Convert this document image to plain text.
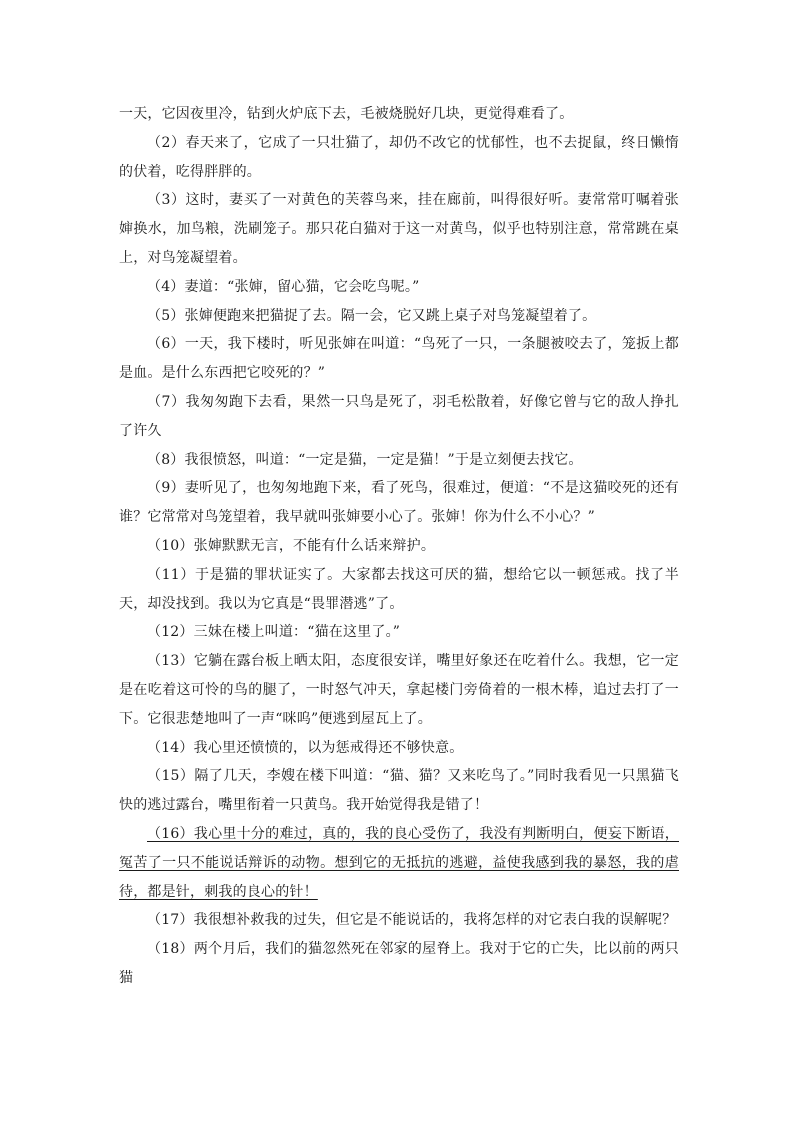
一天，它因夜里冷，钻到火炉底下去，毛被烧脱好几块，更觉得难看了。

（2）春天来了，它成了一只壮猫了，却仍不改它的忧郁性，也不去捉鼠，终日懒惰的伏着，吃得胖胖的。

（3）这时，妻买了一对黄色的芙蓉鸟来，挂在廊前，叫得很好听。妻常常叮嘱着张婶换水，加鸟粮，洗刷笼子。那只花白猫对于这一对黄鸟，似乎也特别注意，常常跳在桌上，对鸟笼凝望着。

（4）妻道：“张婶，留心猫，它会吃鸟呢。”

（5）张婶便跑来把猫捉了去。隔一会，它又跳上桌子对鸟笼凝望着了。

（6）一天，我下楼时，听见张婶在叫道：“鸟死了一只，一条腿被咬去了，笼扳上都是血。是什么东西把它咬死的？”

（7）我匆匆跑下去看，果然一只鸟是死了，羽毛松散着，好像它曾与它的敌人挣扎了许久

（8）我很愤怒，叫道：“一定是猫，一定是猫！”于是立刻便去找它。

（9）妻听见了，也匆匆地跑下来，看了死鸟，很难过，便道：“不是这猫咬死的还有谁？它常常对鸟笼望着，我早就叫张婶要小心了。张婶！你为什么不小心？”

（10）张婶默默无言，不能有什么话来辩护。

（11）于是猫的罪状证实了。大家都去找这可厌的猫，想给它以一顿惩戒。找了半天，却没找到。我以为它真是“畏罪潜逃”了。

（12）三妹在楼上叫道：“猫在这里了。”

（13）它躺在露台板上晒太阳，态度很安详，嘴里好象还在吃着什么。我想，它一定是在吃着这可怜的鸟的腿了，一时怒气冲天，拿起楼门旁倚着的一根木棒，追过去打了一下。它很悲楚地叫了一声“咪呜”便逃到屋瓦上了。

（14）我心里还愤愤的，以为惩戒得还不够快意。

（15）隔了几天，李嫂在楼下叫道：“猫、猫？又来吃鸟了。”同时我看见一只黑猫飞快的逃过露台，嘴里衔着一只黄鸟。我开始觉得我是错了！

（16）我心里十分的难过，真的，我的良心受伤了，我没有判断明白，便妄下断语，冤苦了一只不能说话辩诉的动物。想到它的无抵抗的逃避，益使我感到我的暴怒，我的虐待，都是针，刺我的良心的针！

（17）我很想补救我的过失，但它是不能说话的，我将怎样的对它表白我的误解呢？

（18）两个月后，我们的猫忽然死在邻家的屋脊上。我对于它的亡失，比以前的两只猫
